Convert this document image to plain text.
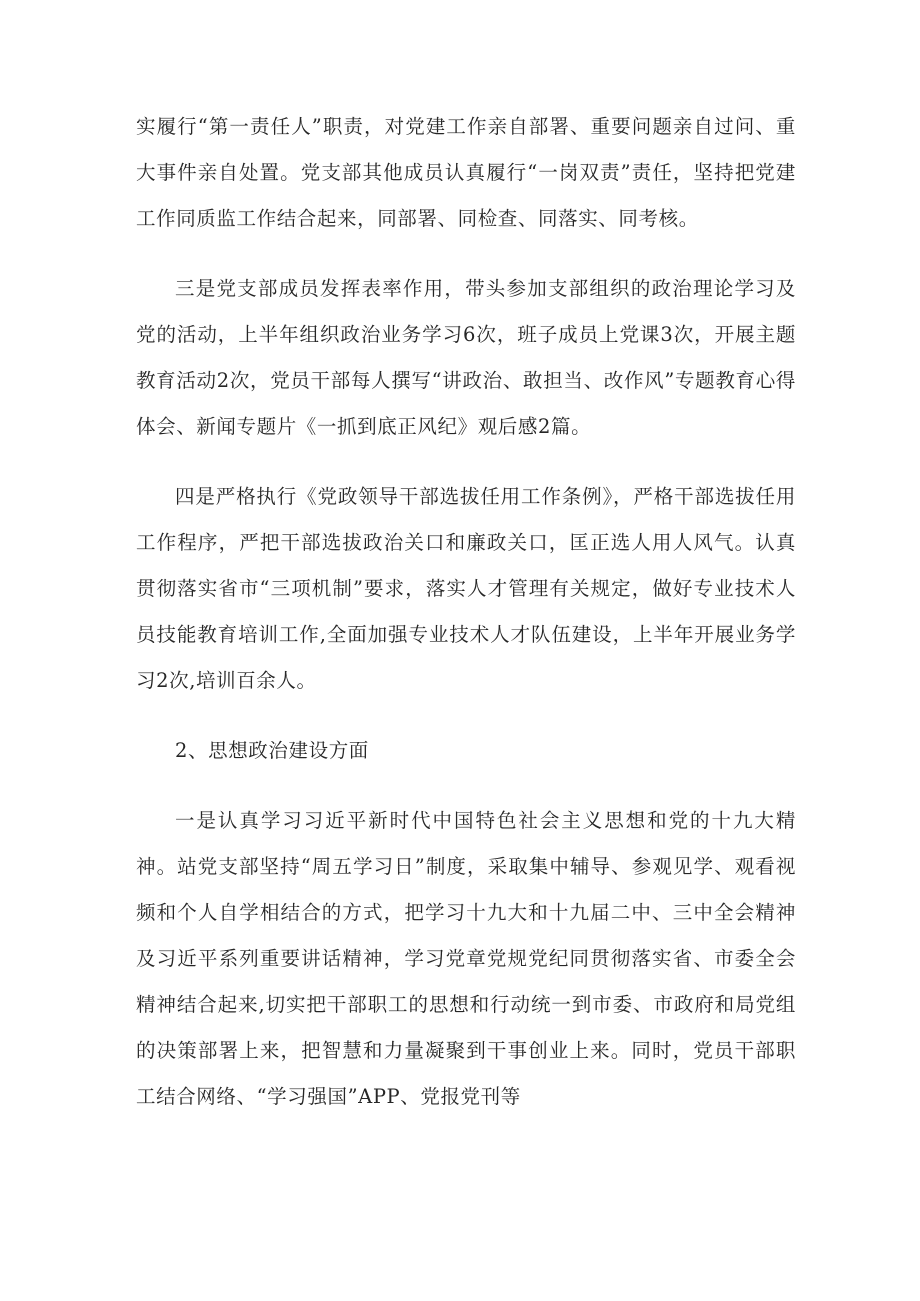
实履行“第一责任人”职责，对党建工作亲自部署、重要问题亲自过问、重大事件亲自处置。党支部其他成员认真履行“一岗双责”责任，坚持把党建工作同质监工作结合起来，同部署、同检查、同落实、同考核。

三是党支部成员发挥表率作用，带头参加支部组织的政治理论学习及党的活动，上半年组织政治业务学习6次，班子成员上党课3次，开展主题教育活动2次，党员干部每人撰写“讲政治、敢担当、改作风”专题教育心得体会、新闻专题片《一抓到底正风纪》观后感2篇。

四是严格执行《党政领导干部选拔任用工作条例》，严格干部选拔任用工作程序，严把干部选拔政治关口和廉政关口，匡正选人用人风气。认真贯彻落实省市“三项机制”要求，落实人才管理有关规定，做好专业技术人员技能教育培训工作,全面加强专业技术人才队伍建设，上半年开展业务学习2次,培训百余人。

2、思想政治建设方面

一是认真学习习近平新时代中国特色社会主义思想和党的十九大精神。站党支部坚持“周五学习日”制度，采取集中辅导、参观见学、观看视频和个人自学相结合的方式，把学习十九大和十九届二中、三中全会精神及习近平系列重要讲话精神，学习党章党规党纪同贯彻落实省、市委全会精神结合起来,切实把干部职工的思想和行动统一到市委、市政府和局党组的决策部署上来，把智慧和力量凝聚到干事创业上来。同时，党员干部职工结合网络、“学习强国”APP、党报党刊等
